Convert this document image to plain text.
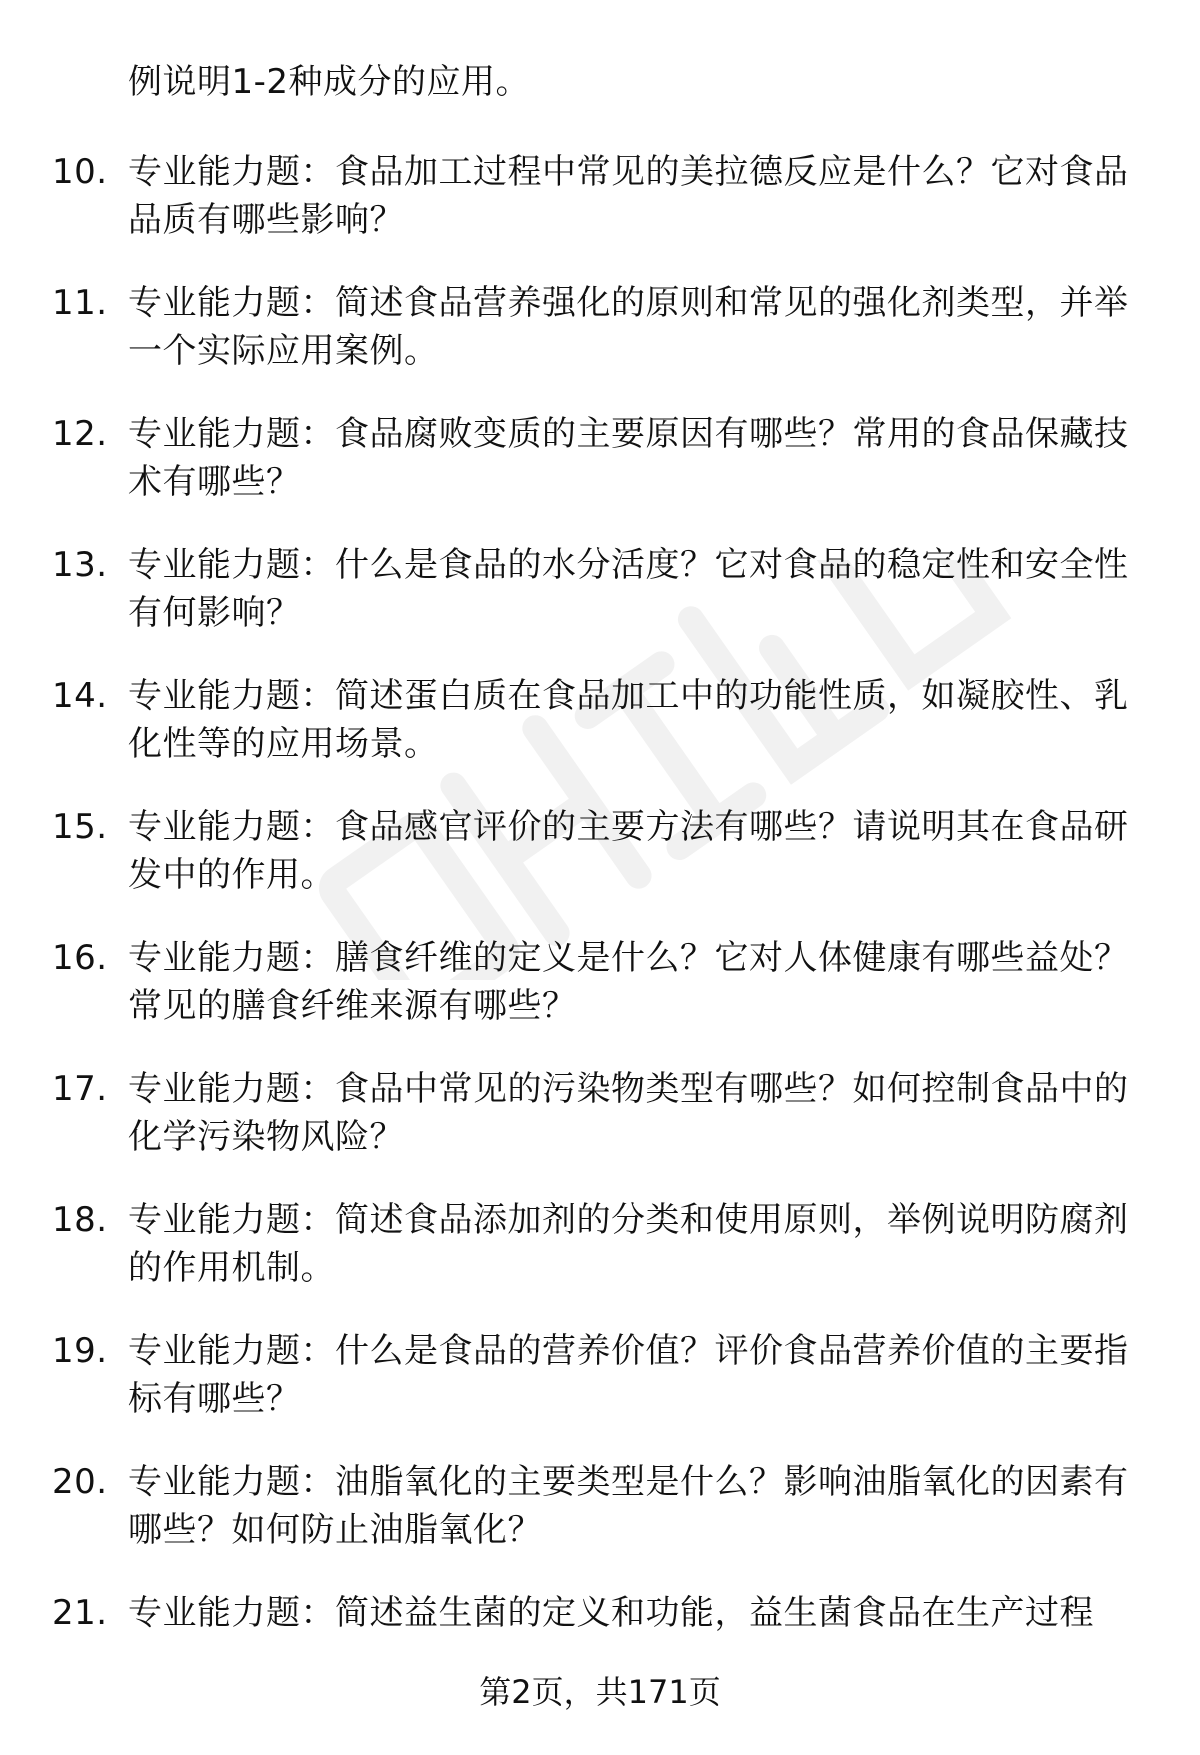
例说明1-2种成分的应用。

10. 专业能力题：食品加工过程中常见的美拉德反应是什么？它对食品品质有哪些影响？
11. 专业能力题：简述食品营养强化的原则和常见的强化剂类型，并举一个实际应用案例。
12. 专业能力题：食品腐败变质的主要原因有哪些？常用的食品保藏技术有哪些？
13. 专业能力题：什么是食品的水分活度？它对食品的稳定性和安全性有何影响？
14. 专业能力题：简述蛋白质在食品加工中的功能性质，如凝胶性、乳化性等的应用场景。
15. 专业能力题：食品感官评价的主要方法有哪些？请说明其在食品研发中的作用。
16. 专业能力题：膳食纤维的定义是什么？它对人体健康有哪些益处？常见的膳食纤维来源有哪些？
17. 专业能力题：食品中常见的污染物类型有哪些？如何控制食品中的化学污染物风险？
18. 专业能力题：简述食品添加剂的分类和使用原则，举例说明防腐剂的作用机制。
19. 专业能力题：什么是食品的营养价值？评价食品营养价值的主要指标有哪些？
20. 专业能力题：油脂氧化的主要类型是什么？影响油脂氧化的因素有哪些？如何防止油脂氧化？
21. 专业能力题：简述益生菌的定义和功能，益生菌食品在生产过程
第2页，共171页
